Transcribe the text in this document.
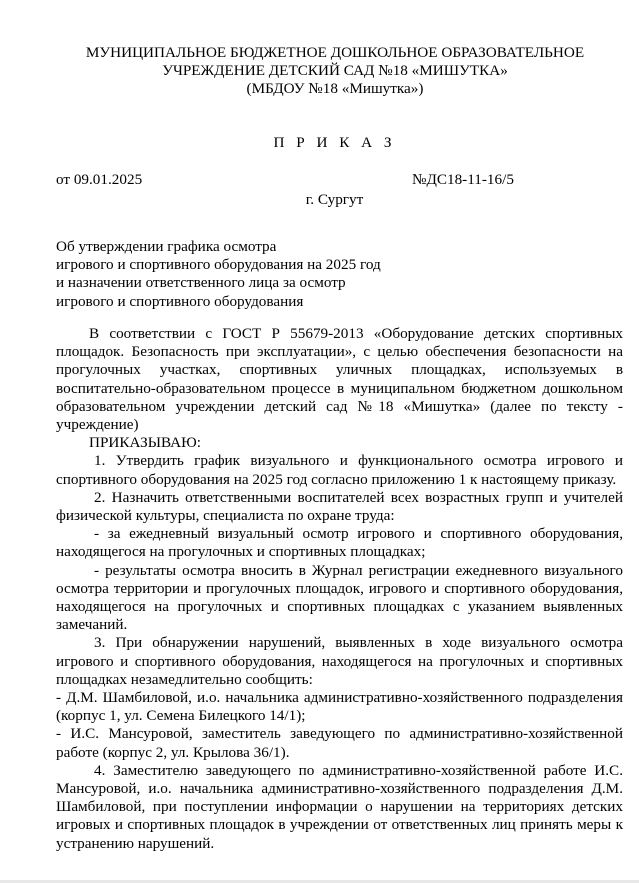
МУНИЦИПАЛЬНОЕ БЮДЖЕТНОЕ ДОШКОЛЬНОЕ ОБРАЗОВАТЕЛЬНОЕ
УЧРЕЖДЕНИЕ ДЕТСКИЙ САД №18 «МИШУТКА»
(МБДОУ №18 «Мишутка»)
П Р И К А З
от 09.01.2025	№ДС18-11-16/5
г. Сургут
Об утверждении графика осмотра
игрового и спортивного оборудования на 2025 год
и назначении ответственного лица за осмотр
игрового и спортивного оборудования

В соответствии с ГОСТ Р 55679-2013 «Оборудование детских спортивных площадок. Безопасность при эксплуатации», с целью обеспечения безопасности на прогулочных участках, спортивных уличных площадках, используемых в воспитательно-образовательном процессе в муниципальном бюджетном дошкольном образовательном учреждении детский сад №18 «Мишутка» (далее по тексту - учреждение)

ПРИКАЗЫВАЮ:

1. Утвердить график визуального и функционального осмотра игрового и спортивного оборудования на 2025 год согласно приложению 1 к настоящему приказу.

2. Назначить ответственными воспитателей всех возрастных групп и учителей физической культуры, специалиста по охране труда:

- за ежедневный визуальный осмотр игрового и спортивного оборудования, находящегося на прогулочных и спортивных площадках;

- результаты осмотра вносить в Журнал регистрации ежедневного визуального осмотра территории и прогулочных площадок, игрового и спортивного оборудования, находящегося на прогулочных и спортивных площадках с указанием выявленных замечаний.

3. При обнаружении нарушений, выявленных в ходе визуального осмотра игрового и спортивного оборудования, находящегося на прогулочных и спортивных площадках незамедлительно сообщить:

- Д.М. Шамбиловой, и.о. начальника административно-хозяйственного подразделения (корпус 1, ул. Семена Билецкого 14/1);

- И.С. Мансуровой, заместитель заведующего по административно-хозяйственной работе (корпус 2, ул. Крылова 36/1).

4. Заместителю заведующего по административно-хозяйственной работе И.С. Мансуровой, и.о. начальника административно-хозяйственного подразделения Д.М. Шамбиловой, при поступлении информации о нарушении на территориях детских игровых и спортивных площадок в учреждении от ответственных лиц принять меры к устранению нарушений.
